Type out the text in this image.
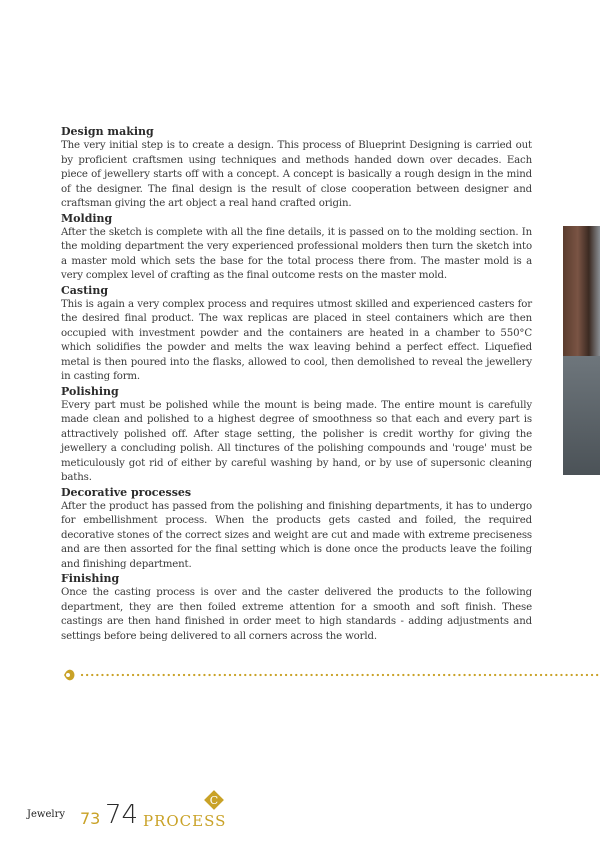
Design making

The very initial step is to create a design. This process of Blueprint Designing is carried out by proficient craftsmen using techniques and methods handed down over decades. Each piece of jewellery starts off with a concept. A concept is basically a rough design in the mind of the designer. The final design is the result of close cooperation between designer and craftsman giving the art object a real hand crafted origin.

Molding

After the sketch is complete with all the fine details, it is passed on to the molding section. In the molding department the very experienced professional molders then turn the sketch into a master mold which sets the base for the total process there from. The master mold is a very complex level of crafting as the final outcome rests on the master mold.

Casting

This is again a very complex process and requires utmost skilled and experienced casters for the desired final product. The wax replicas are placed in steel containers which are then occupied with investment powder and the containers are heated in a chamber to 550°C which solidifies the powder and melts the wax leaving behind a perfect effect. Liquefied metal is then poured into the flasks, allowed to cool, then demolished to reveal the jewellery in casting form.

Polishing

Every part must be polished while the mount is being made. The entire mount is carefully made clean and polished to a highest degree of smoothness so that each and every part is attractively polished off. After stage setting, the polisher is credit worthy for giving the jewellery a concluding polish. All tinctures of the polishing compounds and 'rouge' must be meticulously got rid of either by careful washing by hand, or by use of supersonic cleaning baths.

Decorative processes

After the product has passed from the polishing and finishing departments, it has to undergo for embellishment process. When the products gets casted and foiled, the required decorative stones of the correct sizes and weight are cut and made with extreme preciseness and are then assorted for the final setting which is done once the products leave the foiling and finishing department.

Finishing

Once the casting process is over and the caster delivered the products to the following department, they are then foiled extreme attention for a smooth and soft finish. These castings are then hand finished in order meet to high standards - adding adjustments and settings before being delivered to all corners across the world.

Jewelry 73 74 PROCESS
C
